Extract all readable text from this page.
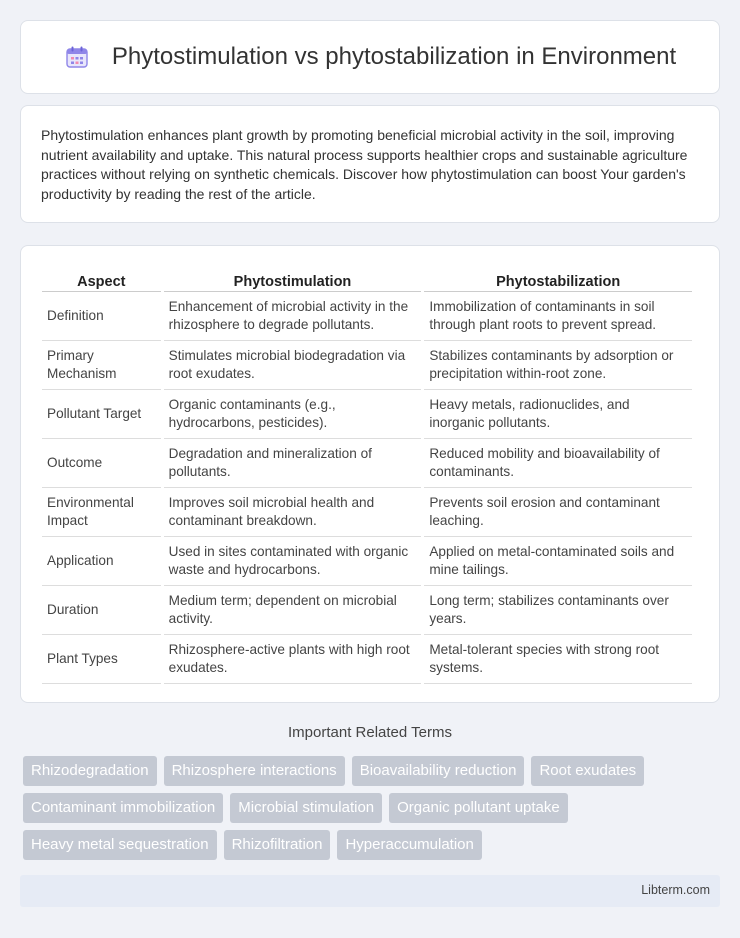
Phytostimulation vs phytostabilization in Environment

Phytostimulation enhances plant growth by promoting beneficial microbial activity in the soil, improving nutrient availability and uptake. This natural process supports healthier crops and sustainable agriculture practices without relying on synthetic chemicals. Discover how phytostimulation can boost Your garden's productivity by reading the rest of the article.

Aspect	Phytostimulation	Phytostabilization
Definition	Enhancement of microbial activity in the rhizosphere to degrade pollutants.	Immobilization of contaminants in soil through plant roots to prevent spread.
Primary Mechanism	Stimulates microbial biodegradation via root exudates.	Stabilizes contaminants by adsorption or precipitation within-root zone.
Pollutant Target	Organic contaminants (e.g., hydrocarbons, pesticides).	Heavy metals, radionuclides, and inorganic pollutants.
Outcome	Degradation and mineralization of pollutants.	Reduced mobility and bioavailability of contaminants.
Environmental Impact	Improves soil microbial health and contaminant breakdown.	Prevents soil erosion and contaminant leaching.
Application	Used in sites contaminated with organic waste and hydrocarbons.	Applied on metal-contaminated soils and mine tailings.
Duration	Medium term; dependent on microbial activity.	Long term; stabilizes contaminants over years.
Plant Types	Rhizosphere-active plants with high root exudates.	Metal-tolerant species with strong root systems.
Important Related Terms
Rhizodegradation	Rhizosphere interactions	Bioavailability reduction	Root exudates
Contaminant immobilization	Microbial stimulation	Organic pollutant uptake
Heavy metal sequestration	Rhizofiltration	Hyperaccumulation
Libterm.com
